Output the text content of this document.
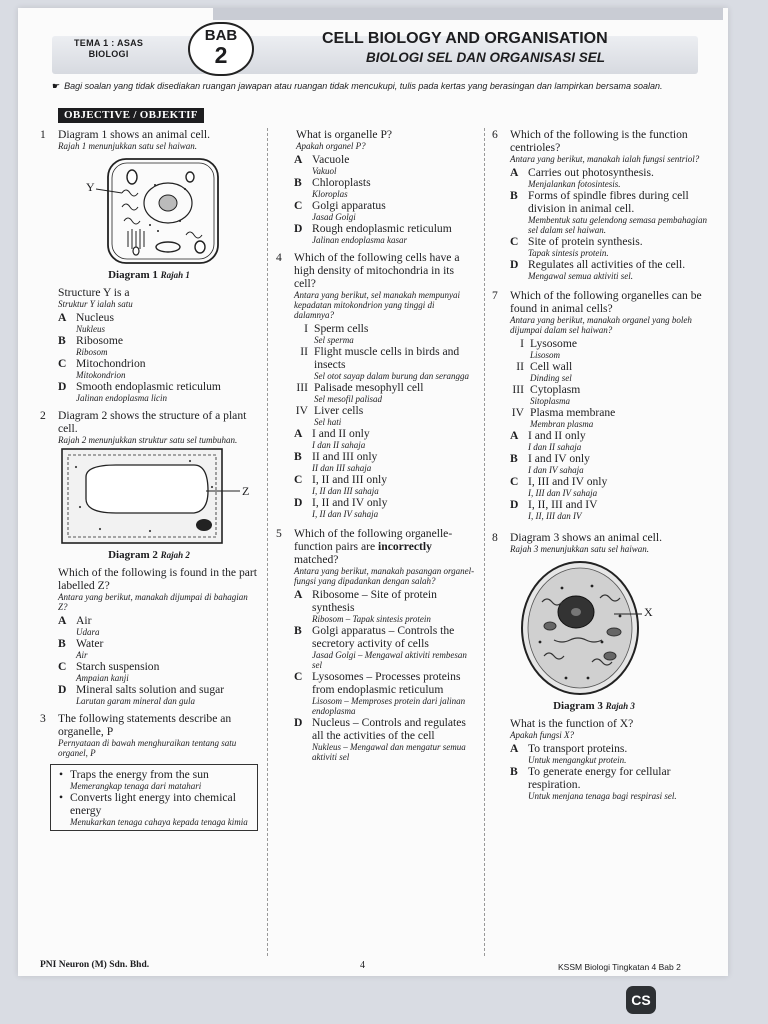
TEMA 1 : ASAS
BIOLOGI
BAB
2
CELL BIOLOGY AND ORGANISATION
BIOLOGI SEL DAN ORGANISASI SEL
☛ Bagi soalan yang tidak disediakan ruangan jawapan atau ruangan tidak mencukupi, tulis pada kertas yang berasingan dan lampirkan bersama soalan.
OBJECTIVE / OBJEKTIF
1	Diagram 1 shows an animal cell.
Rajah 1 menunjukkan satu sel haiwan.
Y
Diagram 1 Rajah 1
Structure Y is a
Struktur Y ialah satu
A Nucleus
Nukleus
B Ribosome
Ribosom
C Mitochondrion
Mitokondrion
D Smooth endoplasmic reticulum
Jalinan endoplasma licin
2	Diagram 2 shows the structure of a plant cell.
Rajah 2 menunjukkan struktur satu sel tumbuhan.
Z
Diagram 2 Rajah 2
Which of the following is found in the part labelled Z?
Antara yang berikut, manakah dijumpai di bahagian Z?
A Air
Udara
B Water
Air
C Starch suspension
Ampaian kanji
D Mineral salts solution and sugar
Larutan garam mineral dan gula
3	The following statements describe an organelle, P
Pernyataan di bawah menghuraikan tentang satu organel, P
• Traps the energy from the sun
Memerangkap tenaga dari matahari
• Converts light energy into chemical energy
Menukarkan tenaga cahaya kepada tenaga kimia
What is organelle P?
Apakah organel P?
A Vacuole
Vakuol
B Chloroplasts
Kloroplas
C Golgi apparatus
Jasad Golgi
D Rough endoplasmic reticulum
Jalinan endoplasma kasar
4	Which of the following cells have a high density of mitochondria in its cell?
Antara yang berikut, sel manakah mempunyai kepadatan mitokondrion yang tinggi di dalamnya?
I Sperm cells
Sel sperma
II Flight muscle cells in birds and insects
Sel otot sayap dalam burung dan serangga
III Palisade mesophyll cell
Sel mesofil palisad
IV Liver cells
Sel hati
A I and II only
I dan II sahaja
B II and III only
II dan III sahaja
C I, II and III only
I, II dan III sahaja
D I, II and IV only
I, II dan IV sahaja
5	Which of the following organelle-function pairs are incorrectly matched?
Antara yang berikut, manakah pasangan organel-fungsi yang dipadankan dengan salah?
A Ribosome – Site of protein synthesis
Ribosom – Tapak sintesis protein
B Golgi apparatus – Controls the secretory activity of cells
Jasad Golgi – Mengawal aktiviti rembesan sel
C Lysosomes – Processes proteins from endoplasmic reticulum
Lisosom – Memproses protein dari jalinan endoplasma
D Nucleus – Controls and regulates all the activities of the cell
Nukleus – Mengawal dan mengatur semua aktiviti sel
6	Which of the following is the function centrioles?
Antara yang berikut, manakah ialah fungsi sentriol?
A Carries out photosynthesis.
Menjalankan fotosintesis.
B Forms of spindle fibres during cell division in animal cell.
Membentuk satu gelendong semasa pembahagian sel dalam sel haiwan.
C Site of protein synthesis.
Tapak sintesis protein.
D Regulates all activities of the cell.
Mengawal semua aktiviti sel.
7	Which of the following organelles can be found in animal cells?
Antara yang berikut, manakah organel yang boleh dijumpai dalam sel haiwan?
I Lysosome
Lisosom
II Cell wall
Dinding sel
III Cytoplasm
Sitoplasma
IV Plasma membrane
Membran plasma
A I and II only
I dan II sahaja
B I and IV only
I dan IV sahaja
C I, III and IV only
I, III dan IV sahaja
D I, II, III and IV
I, II, III dan IV
8	Diagram 3 shows an animal cell.
Rajah 3 menunjukkan satu sel haiwan.
X
Diagram 3 Rajah 3
What is the function of X?
Apakah fungsi X?
A To transport proteins.
Untuk mengangkut protein.
B To generate energy for cellular respiration.
Untuk menjana tenaga bagi respirasi sel.
PNI Neuron (M) Sdn. Bhd.	4	KSSM Biologi Tingkatan 4 Bab 2
CS
